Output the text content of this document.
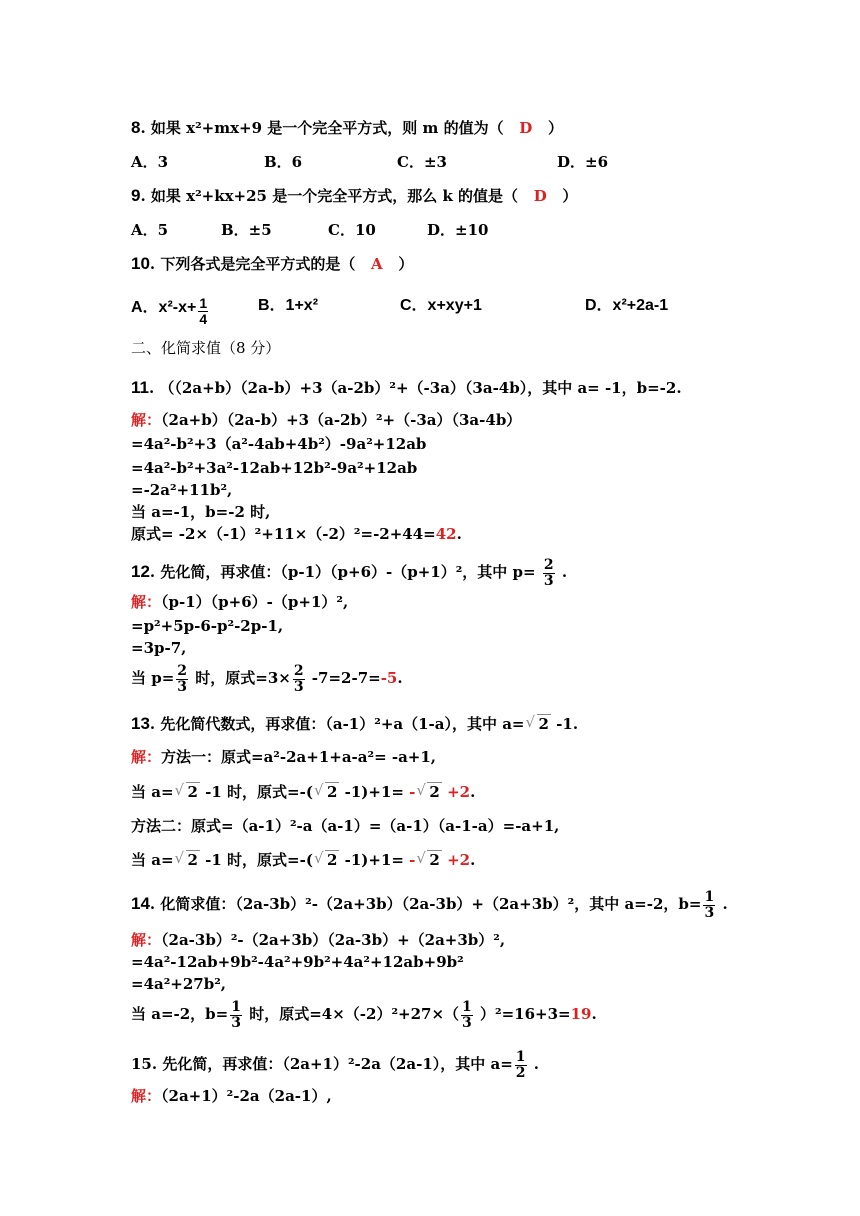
8. 如果 x²+mx+9 是一个完全平方式，则 m 的值为（ D ）
A．3	B．6	C．±3	D．±6
9. 如果 x²+kx+25 是一个完全平方式，那么 k 的值是（ D ）
A．5	B．±5	C．10	D．±10
10. 下列各式是完全平方式的是（ A ）
A．$x^2-x+ \frac{1}{4}$	B．1+x²	C．x+xy+1	D．x²+2a-1
二、化简求值（8 分）
11. （（2a+b）（2a-b）+3（a-2b）²+（-3a）（3a-4b），其中 a= -1，b=-2.
解：（2a+b）（2a-b）+3（a-2b）²+（-3a）（3a-4b）
=4a²-b²+3（a²-4ab+4b²）-9a²+12ab
=4a²-b²+3a²-12ab+12b²-9a²+12ab
=-2a²+11b²,
当 a=-1，b=-2 时,
原式= -2×（-1）²+11×（-2）²=-2+44=42.
12. 先化简，再求值：（p-1）（p+6）-（p+1）²，其中 $p= \frac{2}{3}$ .
解：（p-1）（p+6）-（p+1）²,
=p²+5p-6-p²-2p-1,
=3p-7,
当 $p= \frac{2}{3}$ 时，原式$=3\times \frac{2}{3} -7=2-7=-5$.
13. 先化简代数式，再求值：（a-1）²+a（1-a），其中 a= √ 2 -1.
解：方法一：原式=a²-2a+1+a-a²= -a+1,
当 a= √ 2 -1 时，原式=-( √ 2 -1)+1= - √ 2 +2.
方法二：原式=（a-1）²-a（a-1）=（a-1）（a-1-a）=-a+1,
当 a= √ 2 -1 时，原式=-( √ 2 -1)+1= - √ 2 +2.
14. 化简求值：（2a-3b）²-（2a+3b）（2a-3b）+（2a+3b）²，其中 a=-2，$b= \frac{1}{3}$ .
解：（2a-3b）²-（2a+3b）（2a-3b）+（2a+3b）²,
=4a²-12ab+9b²-4a²+9b²+4a²+12ab+9b²
=4a²+27b²,
当 a=-2，$b= \frac{1}{3}$ 时，原式$=4\times(-2)^2+27\times( \frac{1}{3} )^2=16+3=19$.
15. 先化简，再求值：（2a+1）²-2a（2a-1），其中 $a= \frac{1}{2}$ .
解：（2a+1）²-2a（2a-1）,
